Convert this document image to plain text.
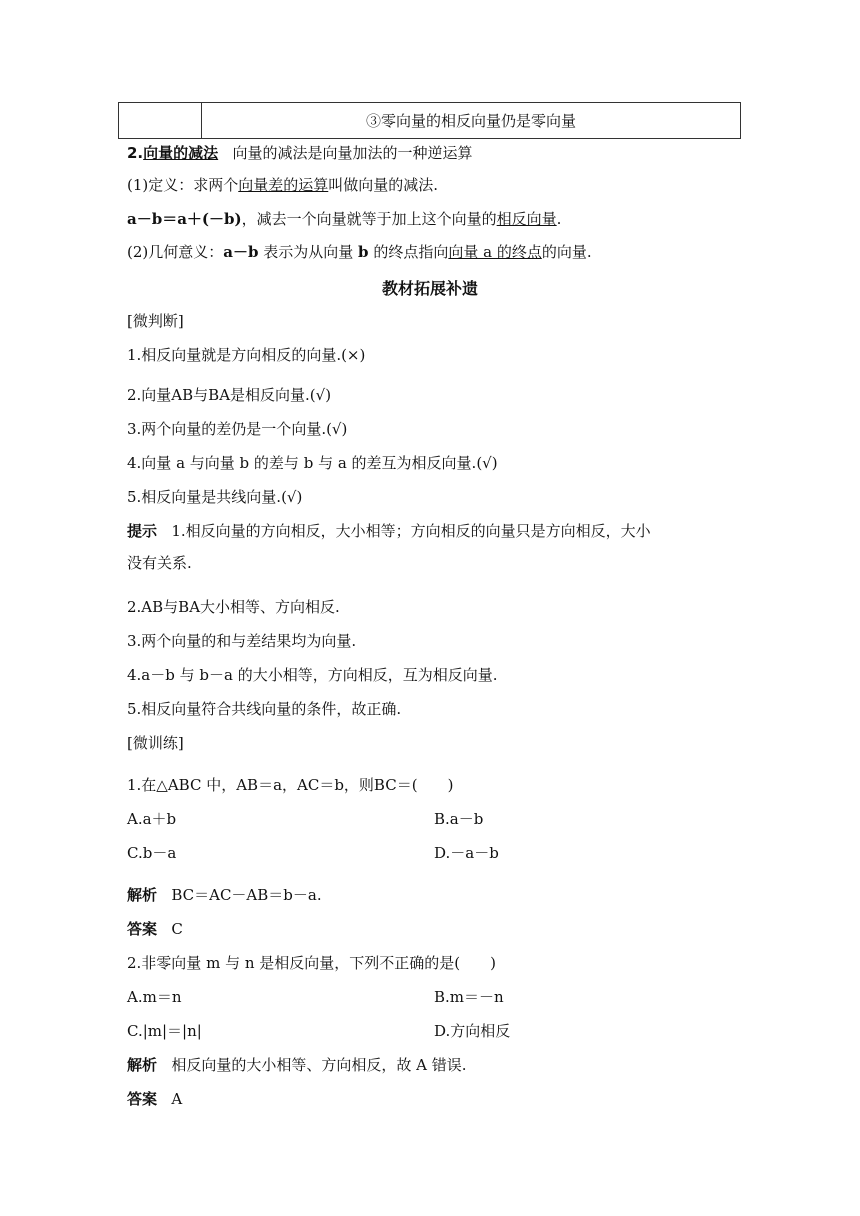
	③零向量的相反向量仍是零向量
2.向量的减法 向量的减法是向量加法的一种逆运算
(1)定义：求两个向量差的运算叫做向量的减法.
a－b＝a＋(－b)，减去一个向量就等于加上这个向量的相反向量.
(2)几何意义：a－b 表示为从向量 b 的终点指向向量 a 的终点的向量.
教材拓展补遗
[微判断]
1.相反向量就是方向相反的向量.(×)
2.向量AB与BA是相反向量.(√)
3.两个向量的差仍是一个向量.(√)
4.向量 a 与向量 b 的差与 b 与 a 的差互为相反向量.(√)
5.相反向量是共线向量.(√)
提示 1.相反向量的方向相反，大小相等；方向相反的向量只是方向相反，大小
没有关系.
2.AB与BA大小相等、方向相反.
3.两个向量的和与差结果均为向量.
4.a－b 与 b－a 的大小相等，方向相反，互为相反向量.
5.相反向量符合共线向量的条件，故正确.
[微训练]
1.在△ABC 中，AB＝a，AC＝b，则BC＝(　　)
A.a＋b	B.a－b
C.b－a	D.－a－b
解析 BC＝AC－AB＝b－a.
答案 C
2.非零向量 m 与 n 是相反向量，下列不正确的是(　　)
A.m＝n	B.m＝－n
C.|m|＝|n|	D.方向相反
解析 相反向量的大小相等、方向相反，故 A 错误.
答案 A
